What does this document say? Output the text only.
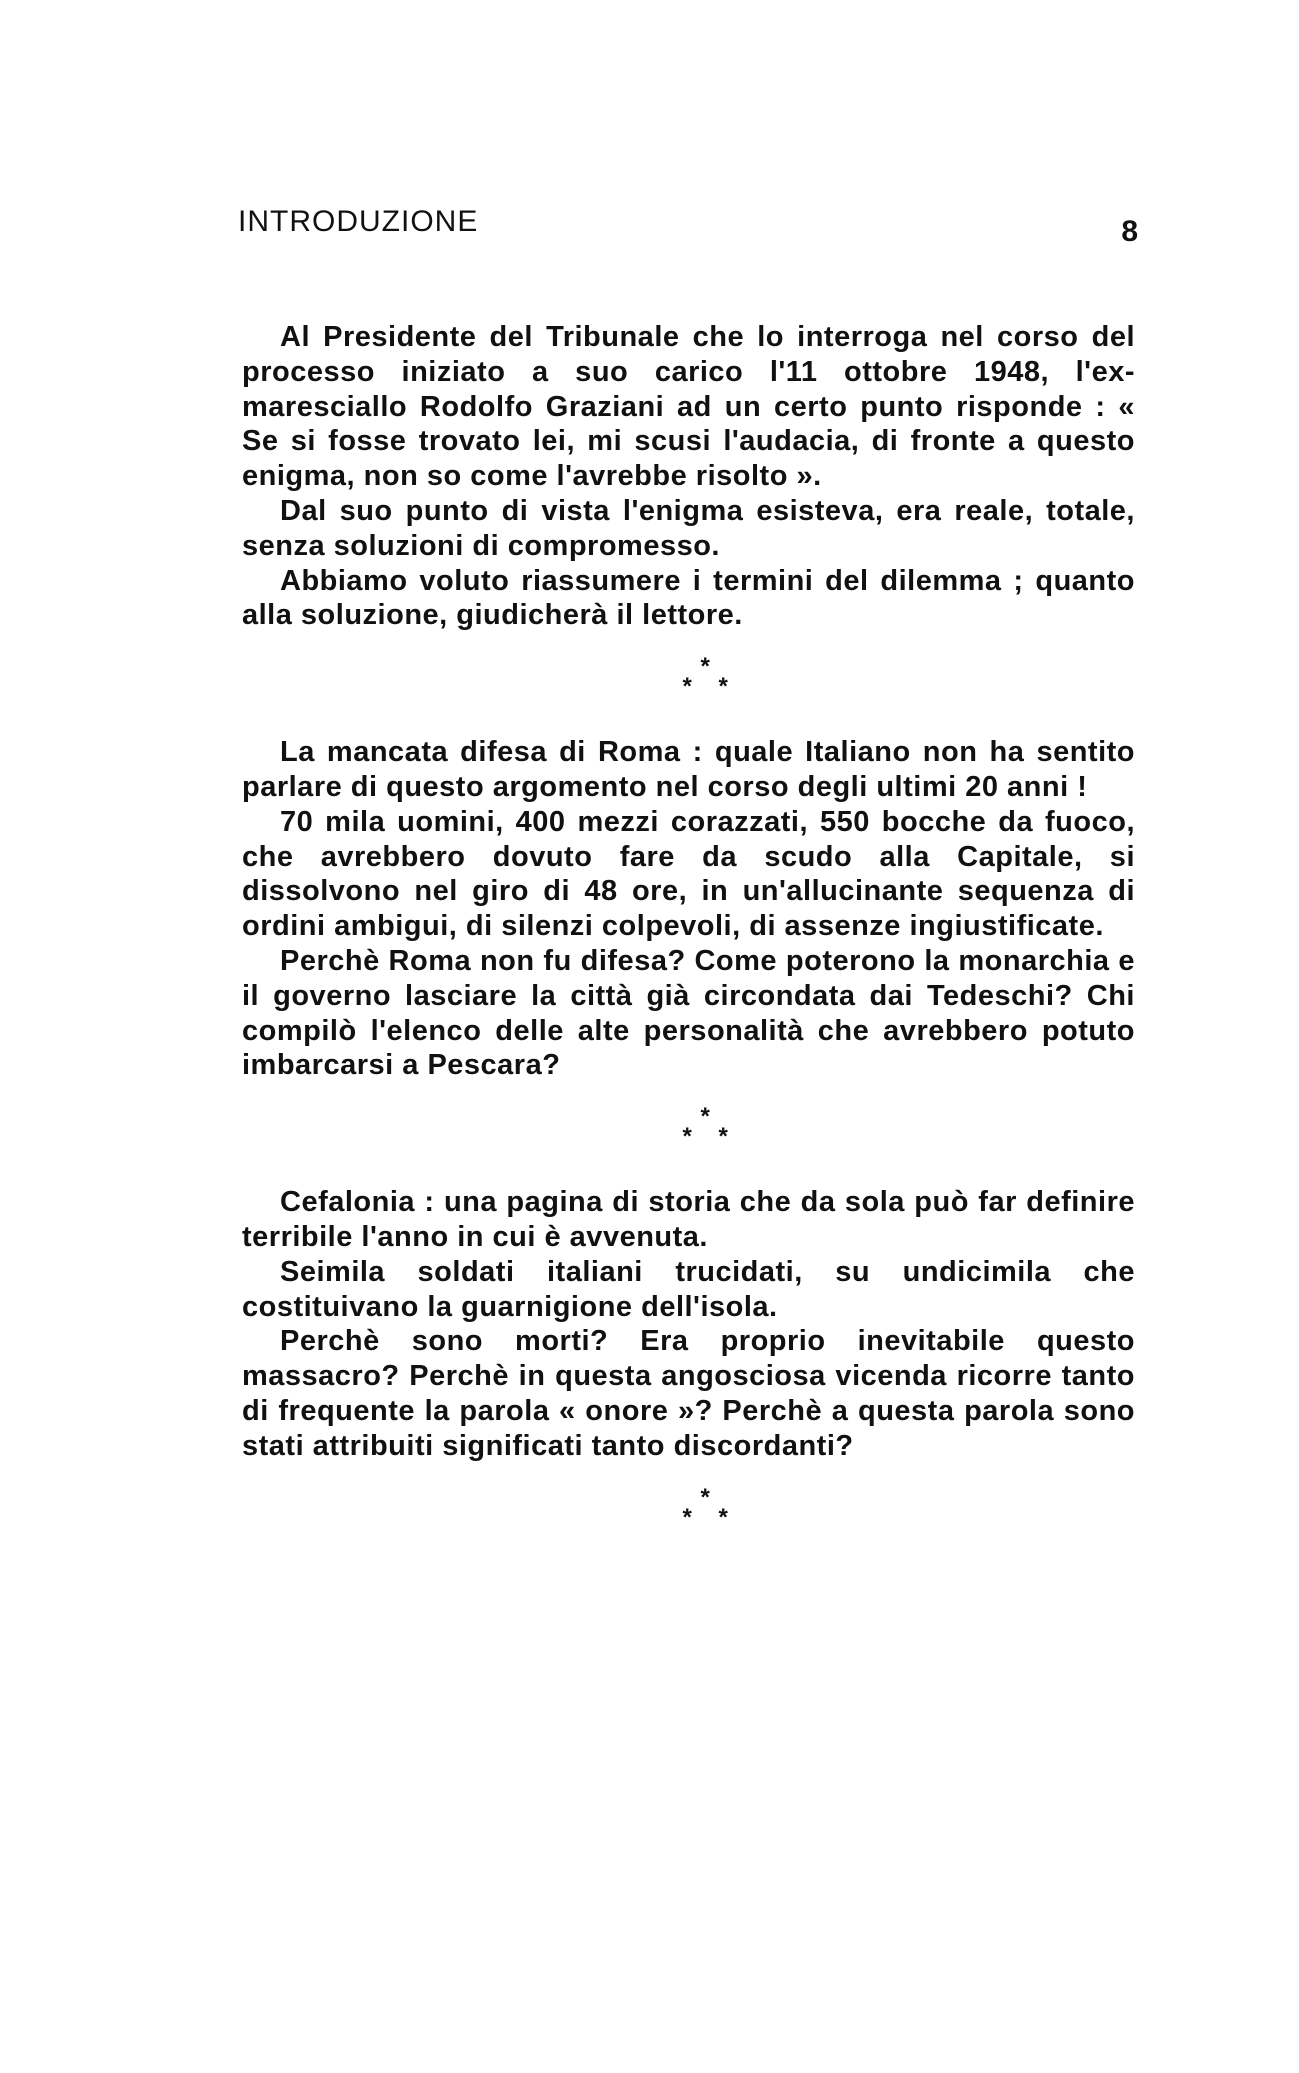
INTRODUZIONE	8

Al Presidente del Tribunale che lo interroga nel corso del processo iniziato a suo carico l'11 ottobre 1948, l'ex-maresciallo Rodolfo Graziani ad un certo punto risponde : « Se si fosse trovato lei, mi scusi l'audacia, di fronte a questo enigma, non so come l'avrebbe risolto ».

Dal suo punto di vista l'enigma esisteva, era reale, totale, senza soluzioni di compromesso.

Abbiamo voluto riassumere i termini del dilemma ; quanto alla soluzione, giudicherà il lettore.

*
* *

La mancata difesa di Roma : quale Italiano non ha sentito parlare di questo argomento nel corso degli ultimi 20 anni !

70 mila uomini, 400 mezzi corazzati, 550 bocche da fuoco, che avrebbero dovuto fare da scudo alla Capitale, si dissolvono nel giro di 48 ore, in un'allucinante sequenza di ordini ambigui, di silenzi colpevoli, di assenze ingiustificate.

Perchè Roma non fu difesa? Come poterono la monarchia e il governo lasciare la città già circondata dai Tedeschi? Chi compilò l'elenco delle alte personalità che avrebbero potuto imbarcarsi a Pescara?

*
* *

Cefalonia : una pagina di storia che da sola può far definire terribile l'anno in cui è avvenuta.

Seimila soldati italiani trucidati, su undicimila che costituivano la guarnigione dell'isola.

Perchè sono morti? Era proprio inevitabile questo massacro? Perchè in questa angosciosa vicenda ricorre tanto di frequente la parola « onore »? Perchè a questa parola sono stati attribuiti significati tanto discordanti?

*
* *
